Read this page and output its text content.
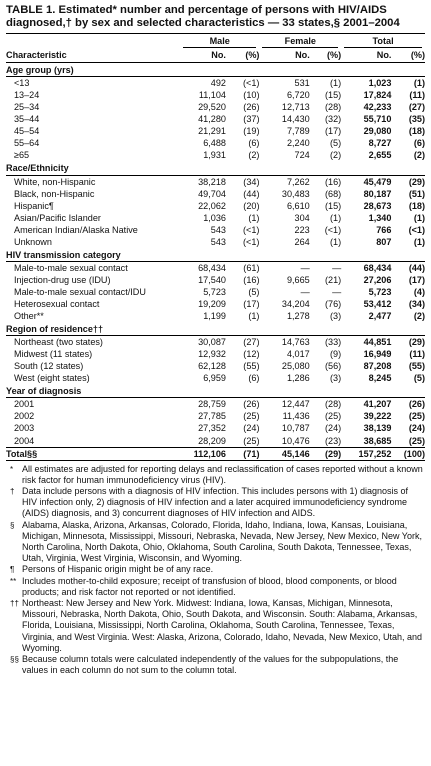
TABLE 1. Estimated* number and percentage of persons with HIV/AIDS diagnosed,† by sex and selected characteristics — 33 states,§ 2001–2004

	Male		Female		Total	

Characteristic	No.	(%)	No.	(%)	No.	(%)
Age group (yrs)						
<13	492	(<1)	531	(1)	1,023	(1)
13–24	11,104	(10)	6,720	(15)	17,824	(11)
25–34	29,520	(26)	12,713	(28)	42,233	(27)
35–44	41,280	(37)	14,430	(32)	55,710	(35)
45–54	21,291	(19)	7,789	(17)	29,080	(18)
55–64	6,488	(6)	2,240	(5)	8,727	(6)
≥65	1,931	(2)	724	(2)	2,655	(2)
Race/Ethnicity						
White, non-Hispanic	38,218	(34)	7,262	(16)	45,479	(29)
Black, non-Hispanic	49,704	(44)	30,483	(68)	80,187	(51)
Hispanic¶	22,062	(20)	6,610	(15)	28,673	(18)
Asian/Pacific Islander	1,036	(1)	304	(1)	1,340	(1)
American Indian/Alaska Native	543	(<1)	223	(<1)	766	(<1)
Unknown	543	(<1)	264	(1)	807	(1)
HIV transmission category						
Male-to-male sexual contact	68,434	(61)	—	—	68,434	(44)
Injection-drug use (IDU)	17,540	(16)	9,665	(21)	27,206	(17)
Male-to-male sexual contact/IDU	5,723	(5)	—	—	5,723	(4)
Heterosexual contact	19,209	(17)	34,204	(76)	53,412	(34)
Other**	1,199	(1)	1,278	(3)	2,477	(2)
Region of residence††						
Northeast (two states)	30,087	(27)	14,763	(33)	44,851	(29)
Midwest (11 states)	12,932	(12)	4,017	(9)	16,949	(11)
South (12 states)	62,128	(55)	25,080	(56)	87,208	(55)
West (eight states)	6,959	(6)	1,286	(3)	8,245	(5)
Year of diagnosis						
2001	28,759	(26)	12,447	(28)	41,207	(26)
2002	27,785	(25)	11,436	(25)	39,222	(25)
2003	27,352	(24)	10,787	(24)	38,139	(24)
2004	28,209	(25)	10,476	(23)	38,685	(25)
Total§§	112,106	(71)	45,146	(29)	157,252	(100)

* All estimates are adjusted for reporting delays and reclassification of cases reported without a known risk factor for human immunodeficiency virus (HIV).

† Data include persons with a diagnosis of HIV infection. This includes persons with 1) diagnosis of HIV infection only, 2) diagnosis of HIV infection and a later acquired immunodeficiency syndrome (AIDS) diagnosis, and 3) concurrent diagnoses of HIV infection and AIDS.

§ Alabama, Alaska, Arizona, Arkansas, Colorado, Florida, Idaho, Indiana, Iowa, Kansas, Louisiana, Michigan, Minnesota, Mississippi, Missouri, Nebraska, Nevada, New Jersey, New Mexico, New York, North Carolina, North Dakota, Ohio, Oklahoma, South Carolina, South Dakota, Tennessee, Texas, Utah, Virginia, West Virginia, Wisconsin, and Wyoming.

¶ Persons of Hispanic origin might be of any race.

** Includes mother-to-child exposure; receipt of transfusion of blood, blood components, or blood products; and risk factor not reported or not identified.

†† Northeast: New Jersey and New York. Midwest: Indiana, Iowa, Kansas, Michigan, Minnesota, Missouri, Nebraska, North Dakota, Ohio, South Dakota, and Wisconsin. South: Alabama, Arkansas, Florida, Louisiana, Mississippi, North Carolina, Oklahoma, South Carolina, Tennessee, Texas, Virginia, and West Virginia. West: Alaska, Arizona, Colorado, Idaho, Nevada, New Mexico, Utah, and Wyoming.

§§ Because column totals were calculated independently of the values for the subpopulations, the values in each column do not sum to the column total.
